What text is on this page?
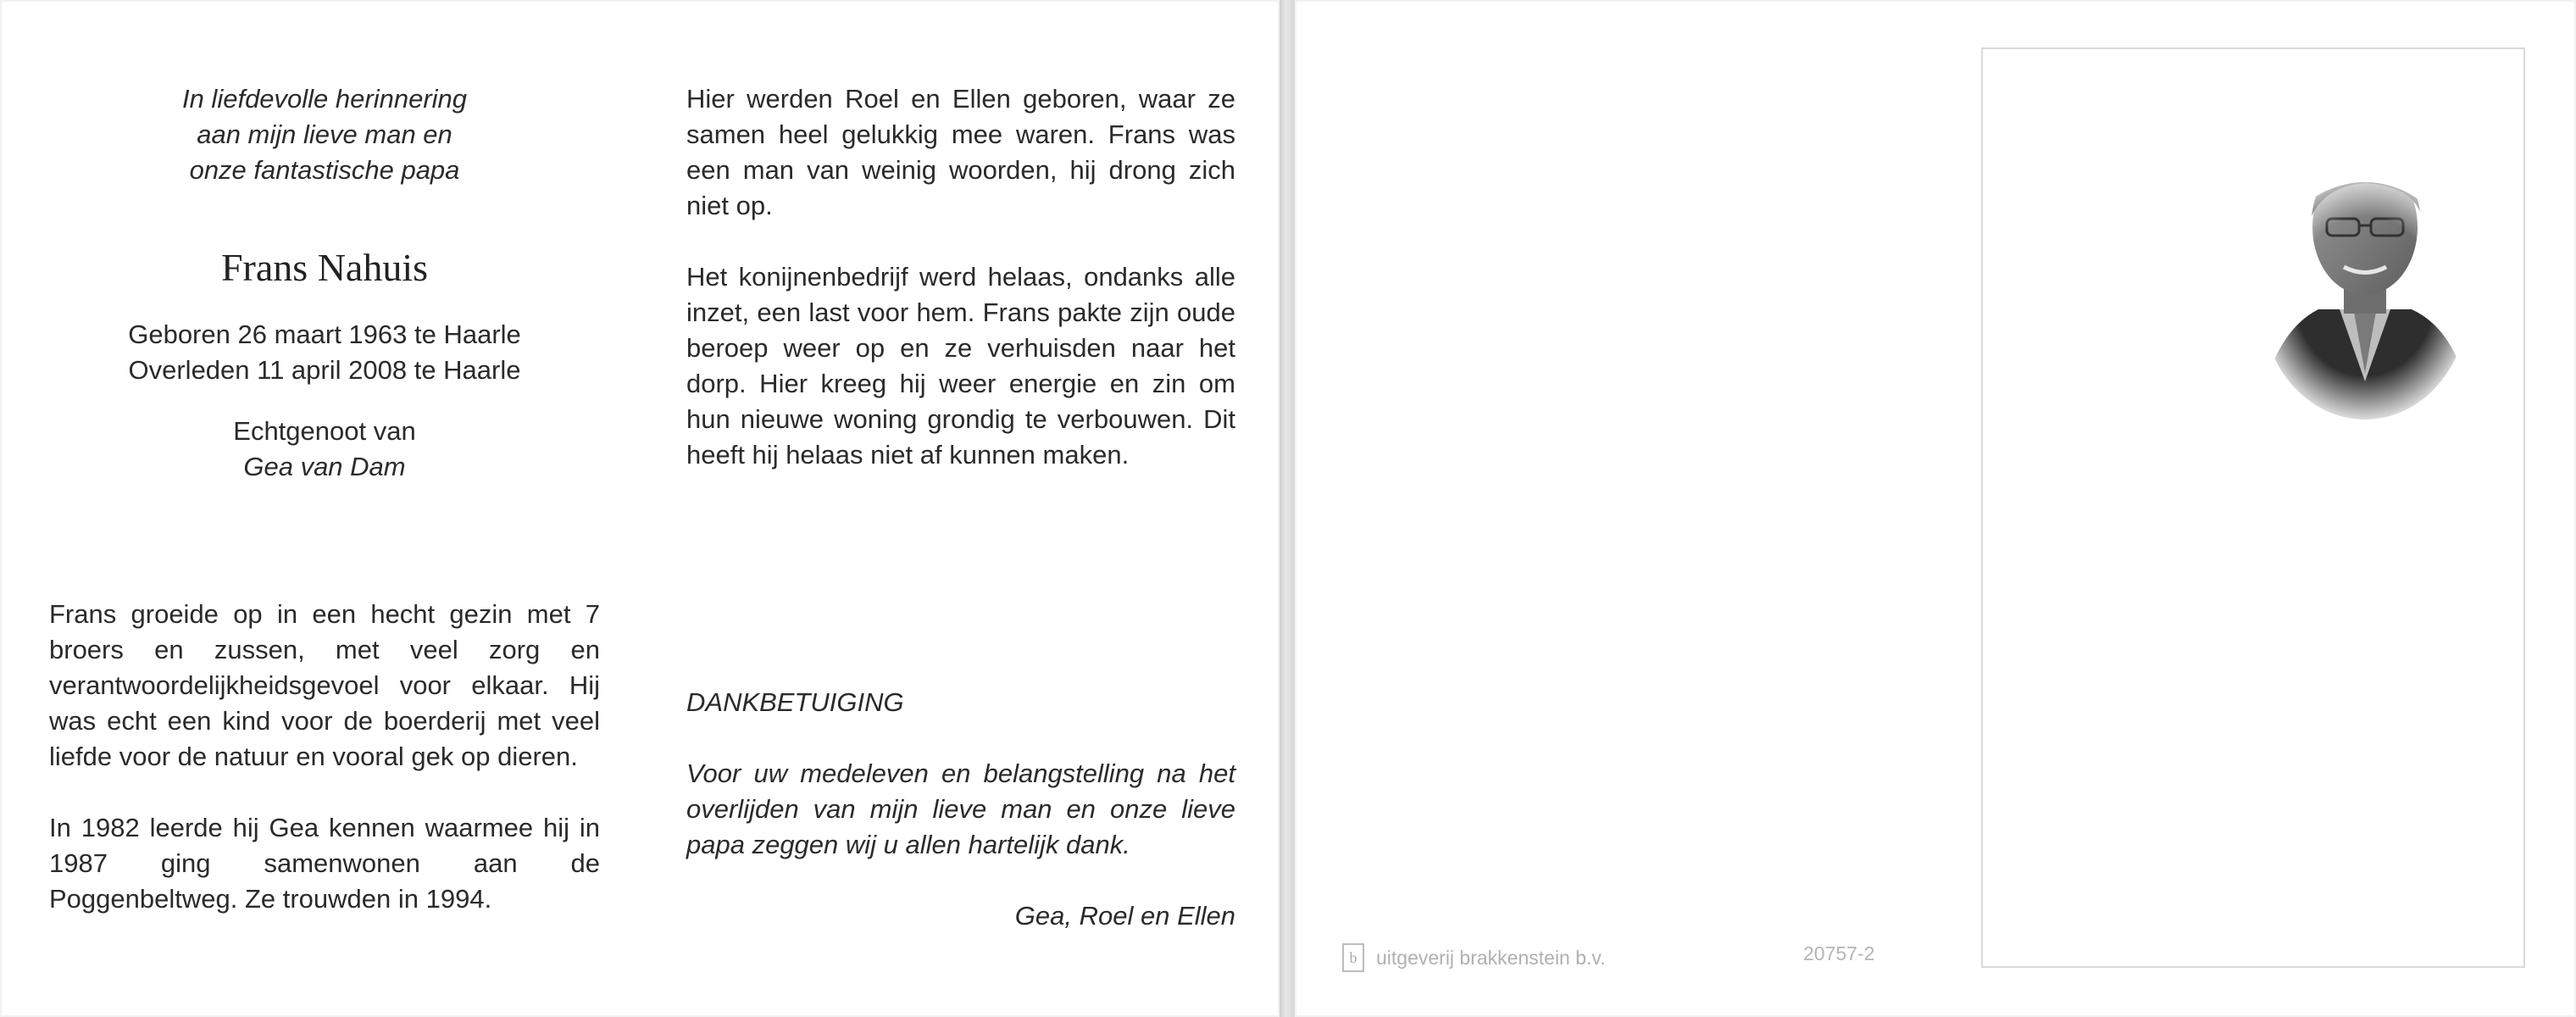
In liefdevolle herinnering

aan mijn lieve man en

onze fantastische papa

Frans Nahuis

Geboren 26 maart 1963 te Haarle

Overleden 11 april 2008 te Haarle

Echtgenoot van

Gea van Dam

Frans groeide op in een hecht gezin met 7 broers en zussen, met veel zorg en verantwoordelijkheidsgevoel voor elkaar. Hij was echt een kind voor de boerderij met veel liefde voor de natuur en vooral gek op dieren.

In 1982 leerde hij Gea kennen waarmee hij in 1987 ging samenwonen aan de Poggenbeltweg. Ze trouwden in 1994.

Hier werden Roel en Ellen geboren, waar ze samen heel gelukkig mee waren. Frans was een man van weinig woorden, hij drong zich niet op.

Het konijnenbedrijf werd helaas, ondanks alle inzet, een last voor hem. Frans pakte zijn oude beroep weer op en ze verhuisden naar het dorp. Hier kreeg hij weer energie en zin om hun nieuwe woning grondig te verbouwen. Dit heeft hij helaas niet af kunnen maken.

DANKBETUIGING

Voor uw medeleven en belangstelling na het overlijden van mijn lieve man en onze lieve papa zeggen wij u allen hartelijk dank.

Gea, Roel en Ellen

b uitgeverij brakkenstein b.v.	20757-2
